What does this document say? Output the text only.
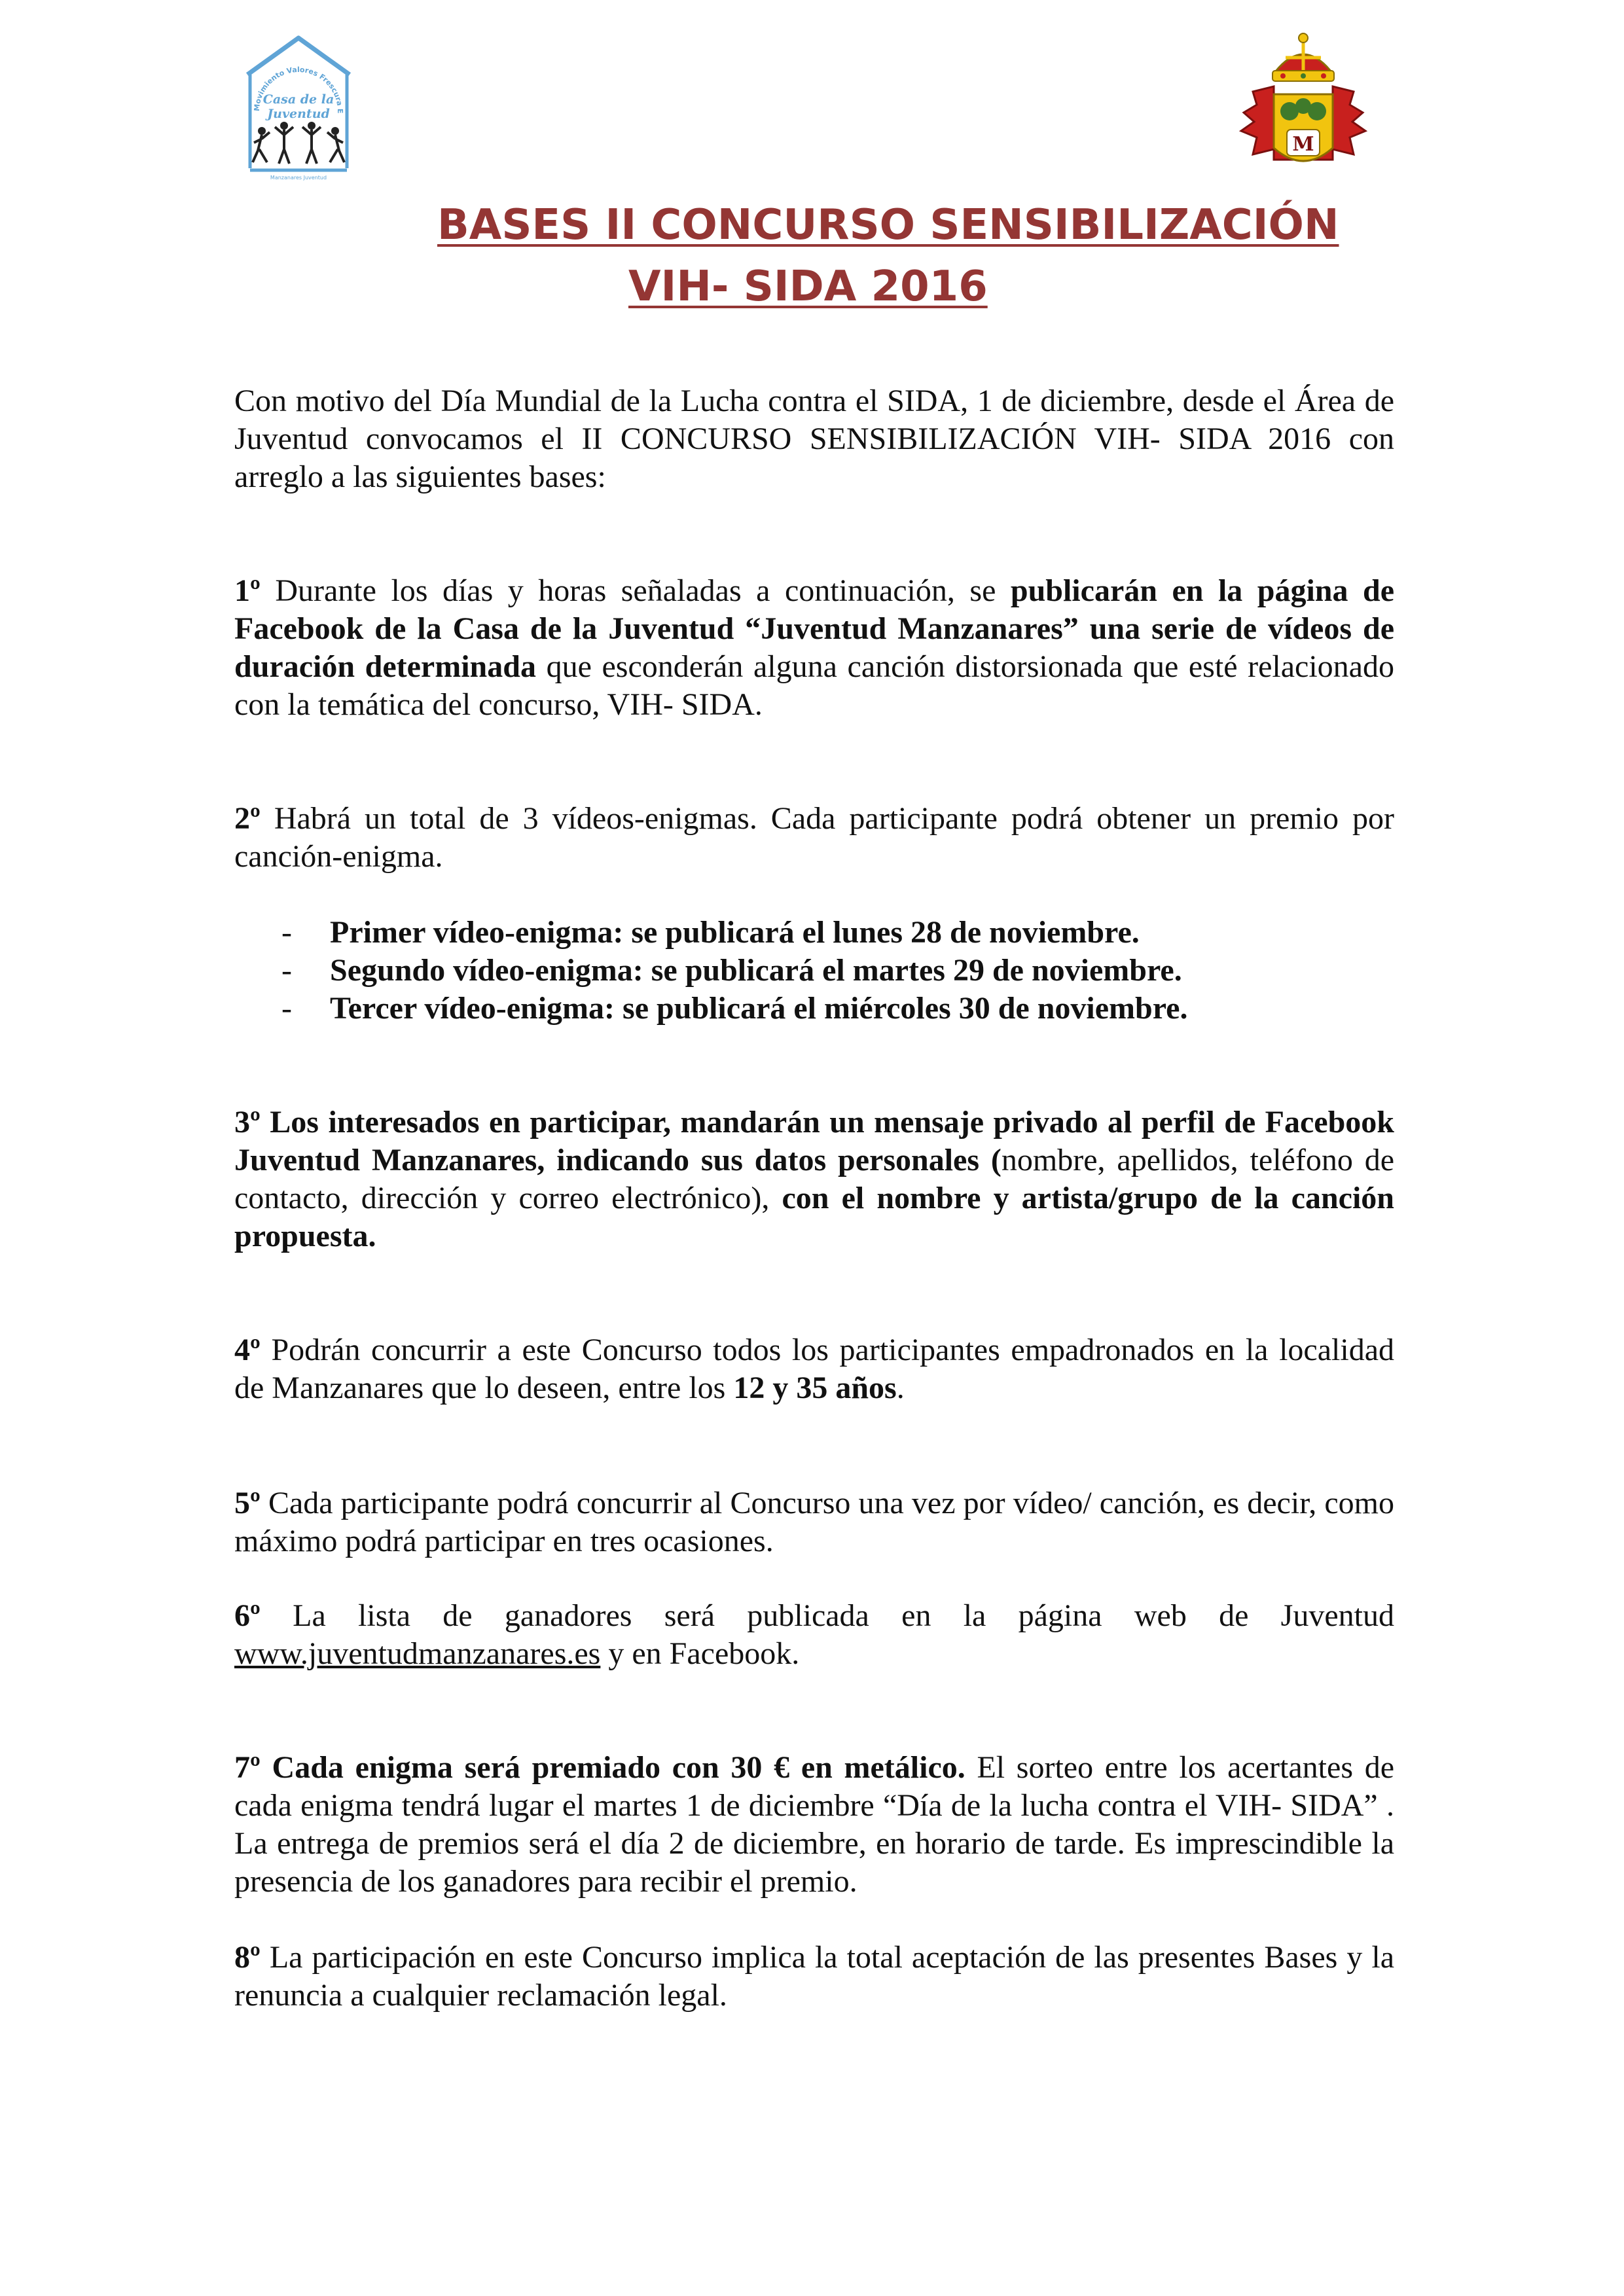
Movimiento Valores Frescura E
Casa de la
Juventud
Manzanares Juventud
M
BASES II CONCURSO SENSIBILIZACIÓN
VIH- SIDA 2016

Con motivo del Día Mundial de la Lucha contra el SIDA, 1 de diciembre, desde el Área de Juventud convocamos el II CONCURSO SENSIBILIZACIÓN VIH- SIDA 2016 con arreglo a las siguientes bases:

1º Durante los días y horas señaladas a continuación, se publicarán en la página de Facebook de la Casa de la Juventud “Juventud Manzanares” una serie de vídeos de duración determinada que esconderán alguna canción distorsionada que esté relacionado con la temática del concurso, VIH- SIDA.

2º Habrá un total de 3 vídeos-enigmas. Cada participante podrá obtener un premio por canción-enigma.

- Primer vídeo-enigma: se publicará el lunes 28 de noviembre.
- Segundo vídeo-enigma: se publicará el martes 29 de noviembre.
- Tercer vídeo-enigma: se publicará el miércoles 30 de noviembre.

3º Los interesados en participar, mandarán un mensaje privado al perfil de Facebook Juventud Manzanares, indicando sus datos personales (nombre, apellidos, teléfono de contacto, dirección y correo electrónico), con el nombre y artista/grupo de la canción propuesta.

4º Podrán concurrir a este Concurso todos los participantes empadronados en la localidad de Manzanares que lo deseen, entre los 12 y 35 años.

5º Cada participante podrá concurrir al Concurso una vez por vídeo/ canción, es decir, como máximo podrá participar en tres ocasiones.

6º La lista de ganadores será publicada en la página web de Juventud www.juventudmanzanares.es y en Facebook.

7º Cada enigma será premiado con 30 € en metálico. El sorteo entre los acertantes de cada enigma tendrá lugar el martes 1 de diciembre “Día de la lucha contra el VIH- SIDA” . La entrega de premios será el día 2 de diciembre, en horario de tarde. Es imprescindible la presencia de los ganadores para recibir el premio.

8º La participación en este Concurso implica la total aceptación de las presentes Bases y la renuncia a cualquier reclamación legal.
